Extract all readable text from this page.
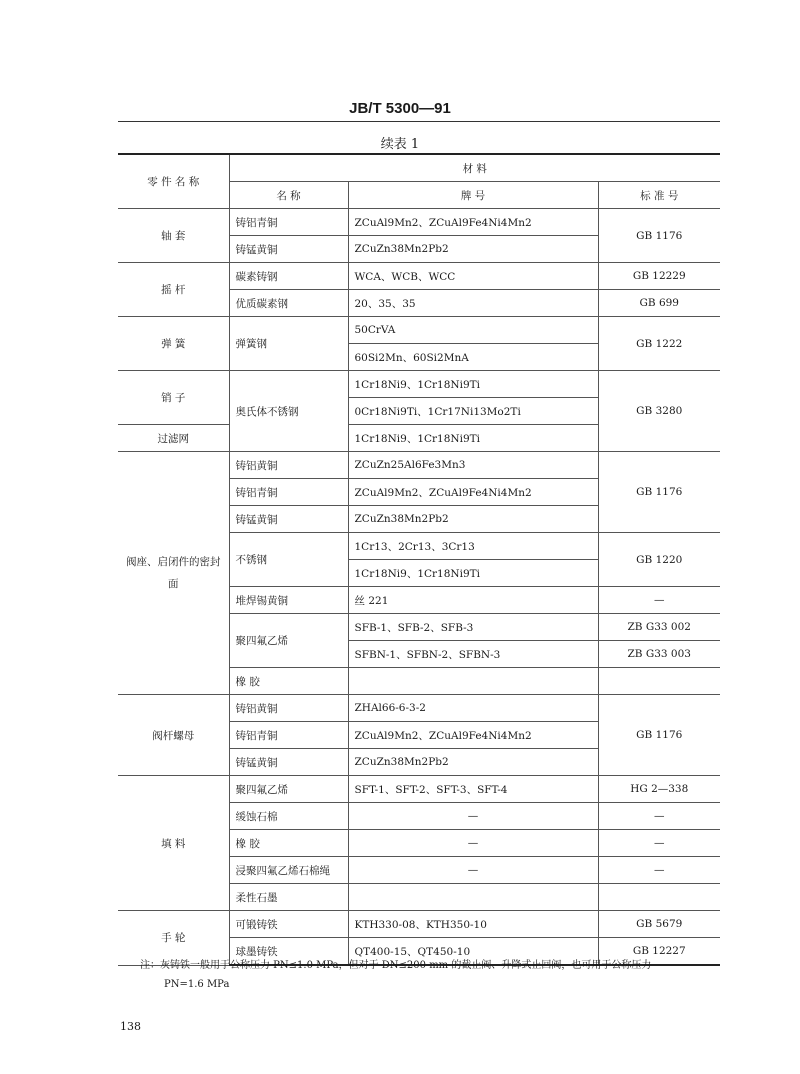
JB/T 5300—91
续表 1
零 件 名 称	材 料		
	名 称	牌 号	标 准 号
轴 套	铸铝青铜	ZCuAl9Mn2、ZCuAl9Fe4Ni4Mn2	GB 1176
	铸锰黄铜	ZCuZn38Mn2Pb2	
摇 杆	碳素铸钢	WCA、WCB、WCC	GB 12229
	优质碳素钢	20、35、35	GB 699
弹 簧	弹簧钢	50CrVA	GB 1222
		60Si2Mn、60Si2MnA	
销 子	奥氏体不锈钢	1Cr18Ni9、1Cr18Ni9Ti	GB 3280
		0Cr18Ni9Ti、1Cr17Ni13Mo2Ti	
过滤网		1Cr18Ni9、1Cr18Ni9Ti	
阀座、启闭件的密封面	铸铝黄铜	ZCuZn25Al6Fe3Mn3	GB 1176
	铸铝青铜	ZCuAl9Mn2、ZCuAl9Fe4Ni4Mn2	
	铸锰黄铜	ZCuZn38Mn2Pb2	
	不锈钢	1Cr13、2Cr13、3Cr13	GB 1220
		1Cr18Ni9、1Cr18Ni9Ti	
	堆焊锡黄铜	丝 221	—
	聚四氟乙烯	SFB-1、SFB-2、SFB-3	ZB G33 002
		SFBN-1、SFBN-2、SFBN-3	ZB G33 003
	橡 胶		
阀杆螺母	铸铝黄铜	ZHAl66-6-3-2	GB 1176
	铸铝青铜	ZCuAl9Mn2、ZCuAl9Fe4Ni4Mn2	
	铸锰黄铜	ZCuZn38Mn2Pb2	
填 料	聚四氟乙烯	SFT-1、SFT-2、SFT-3、SFT-4	HG 2—338
	缓蚀石棉	—	—
	橡 胶	—	—
	浸聚四氟乙烯石棉绳	—	—
	柔性石墨		
手 轮	可锻铸铁	KTH330-08、KTH350-10	GB 5679
	球墨铸铁	QT400-15、QT450-10	GB 12227
注：灰铸铁一般用于公称压力 PN≤1.0 MPa，但对于 DN≤200 mm 的截止阀、升降式止回阀，也可用于公称压力
PN=1.6 MPa
138
